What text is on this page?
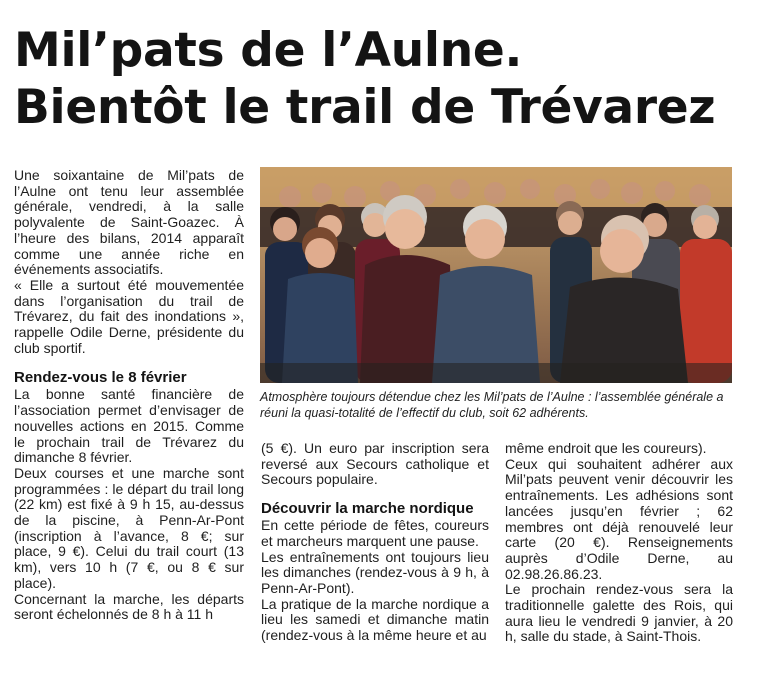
Mil’pats de l’Aulne.
Bientôt le trail de Trévarez

Une soixantaine de Mil’pats de l’Aulne ont tenu leur assemblée générale, vendredi, à la salle polyvalente de Saint-Goazec. À l’heure des bilans, 2014 apparaît comme une année riche en événements associatifs.

« Elle a surtout été mouvementée dans l’organisation du trail de Trévarez, du fait des inondations », rappelle Odile Derne, présidente du club sportif.

Rendez-vous le 8 février

La bonne santé financière de l’association permet d’envisager de nouvelles actions en 2015. Comme le prochain trail de Trévarez du dimanche 8 février.

Deux courses et une marche sont programmées : le départ du trail long (22 km) est fixé à 9 h 15, au-dessus de la piscine, à Penn-Ar-Pont (inscription à l’avance, 8 €; sur place, 9 €). Celui du trail court (13 km), vers 10 h (7 €, ou 8 € sur place).

Concernant la marche, les départs seront échelonnés de 8 h à 11 h

Atmosphère toujours détendue chez les Mil’pats de l’Aulne : l’assemblée générale a réuni la quasi-totalité de l’effectif du club, soit 62 adhérents.

(5 €). Un euro par inscription sera reversé aux Secours catholique et Secours populaire.

Découvrir la marche nordique

En cette période de fêtes, coureurs et marcheurs marquent une pause.

Les entraînements ont toujours lieu les dimanches (rendez-vous à 9 h, à Penn-Ar-Pont).

La pratique de la marche nordique a lieu les samedi et dimanche matin (rendez-vous à la même heure et au

même endroit que les coureurs).

Ceux qui souhaitent adhérer aux Mil’pats peuvent venir découvrir les entraînements. Les adhésions sont lancées jusqu’en février ; 62 membres ont déjà renouvelé leur carte (20 €). Renseignements auprès d’Odile Derne, au 02.98.26.86.23.

Le prochain rendez-vous sera la traditionnelle galette des Rois, qui aura lieu le vendredi 9 janvier, à 20 h, salle du stade, à Saint-Thois.
